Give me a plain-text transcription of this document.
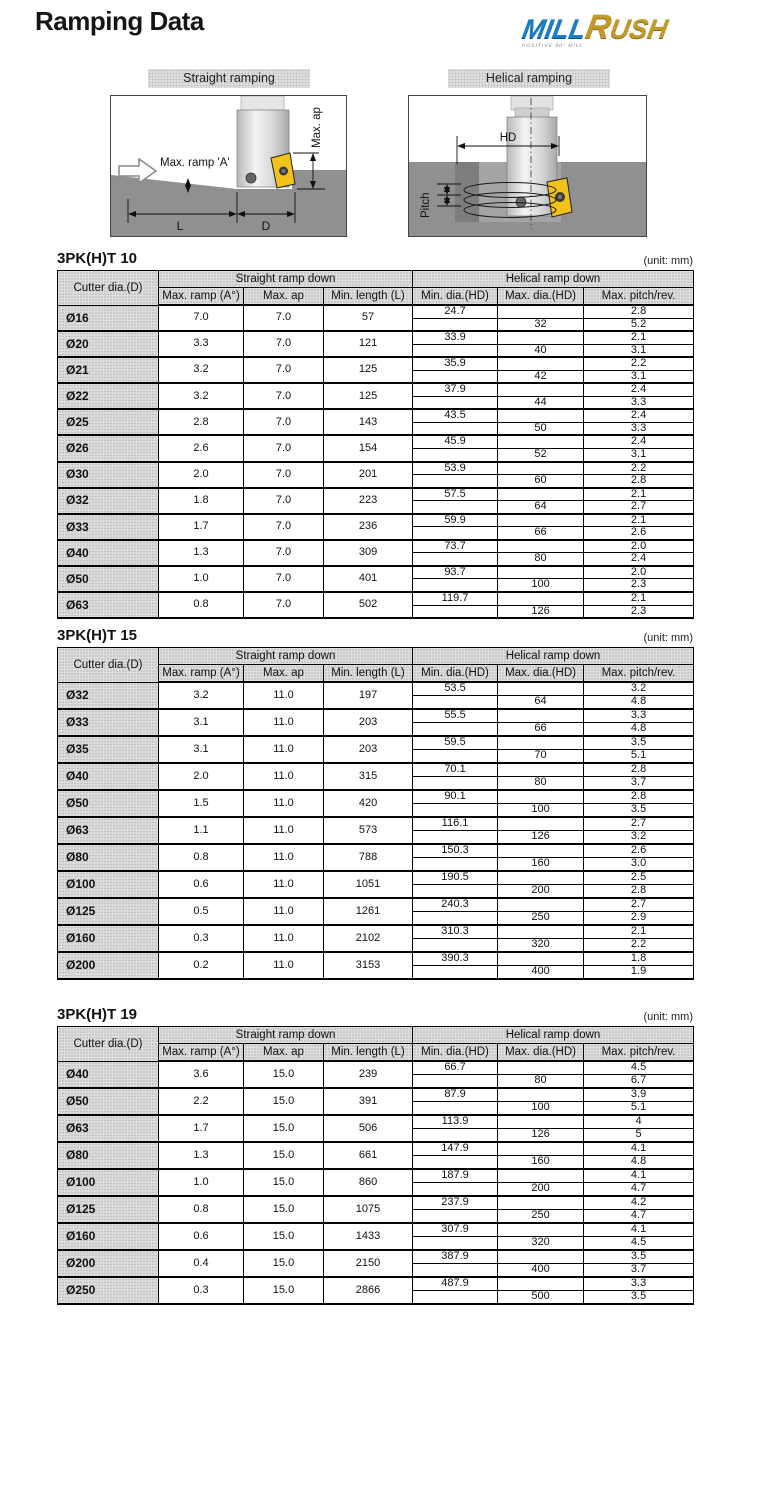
Ramping Data	MILLRUSH
POSITIVE 90° MILL
Straight ramping	Helical ramping
Max. ramp 'A'
L	D
Max. ap	HD
Pitch
3PK(H)T 10	(unit: mm)
Cutter dia.(D)	Straight ramp down			Helical ramp down		
	Max. ramp (A°)	Max. ap	Min. length (L)	Min. dia.(HD)	Max. dia.(HD)	Max. pitch/rev.
Ø16	7.0	7.0	57	24.7		2.8
					32	5.2
Ø20	3.3	7.0	121	33.9		2.1
					40	3.1
Ø21	3.2	7.0	125	35.9		2.2
					42	3.1
Ø22	3.2	7.0	125	37.9		2.4
					44	3.3
Ø25	2.8	7.0	143	43.5		2.4
					50	3.3
Ø26	2.6	7.0	154	45.9		2.4
					52	3.1
Ø30	2.0	7.0	201	53.9		2.2
					60	2.8
Ø32	1.8	7.0	223	57.5		2.1
					64	2.7
Ø33	1.7	7.0	236	59.9		2.1
					66	2.6
Ø40	1.3	7.0	309	73.7		2.0
					80	2.4
Ø50	1.0	7.0	401	93.7		2.0
					100	2.3
Ø63	0.8	7.0	502	119.7		2.1
					126	2.3
3PK(H)T 15	(unit: mm)
Cutter dia.(D)	Straight ramp down			Helical ramp down		
	Max. ramp (A°)	Max. ap	Min. length (L)	Min. dia.(HD)	Max. dia.(HD)	Max. pitch/rev.
Ø32	3.2	11.0	197	53.5		3.2
					64	4.8
Ø33	3.1	11.0	203	55.5		3.3
					66	4.8
Ø35	3.1	11.0	203	59.5		3.5
					70	5.1
Ø40	2.0	11.0	315	70.1		2.8
					80	3.7
Ø50	1.5	11.0	420	90.1		2.8
					100	3.5
Ø63	1.1	11.0	573	116.1		2.7
					126	3.2
Ø80	0.8	11.0	788	150.3		2.6
					160	3.0
Ø100	0.6	11.0	1051	190.5		2.5
					200	2.8
Ø125	0.5	11.0	1261	240.3		2.7
					250	2.9
Ø160	0.3	11.0	2102	310.3		2.1
					320	2.2
Ø200	0.2	11.0	3153	390.3		1.8
					400	1.9
3PK(H)T 19	(unit: mm)
Cutter dia.(D)	Straight ramp down			Helical ramp down		
	Max. ramp (A°)	Max. ap	Min. length (L)	Min. dia.(HD)	Max. dia.(HD)	Max. pitch/rev.
Ø40	3.6	15.0	239	66.7		4.5
					80	6.7
Ø50	2.2	15.0	391	87.9		3.9
					100	5.1
Ø63	1.7	15.0	506	113.9		4
					126	5
Ø80	1.3	15.0	661	147.9		4.1
					160	4.8
Ø100	1.0	15.0	860	187.9		4.1
					200	4.7
Ø125	0.8	15.0	1075	237.9		4.2
					250	4.7
Ø160	0.6	15.0	1433	307.9		4.1
					320	4.5
Ø200	0.4	15.0	2150	387.9		3.5
					400	3.7
Ø250	0.3	15.0	2866	487.9		3.3
					500	3.5
